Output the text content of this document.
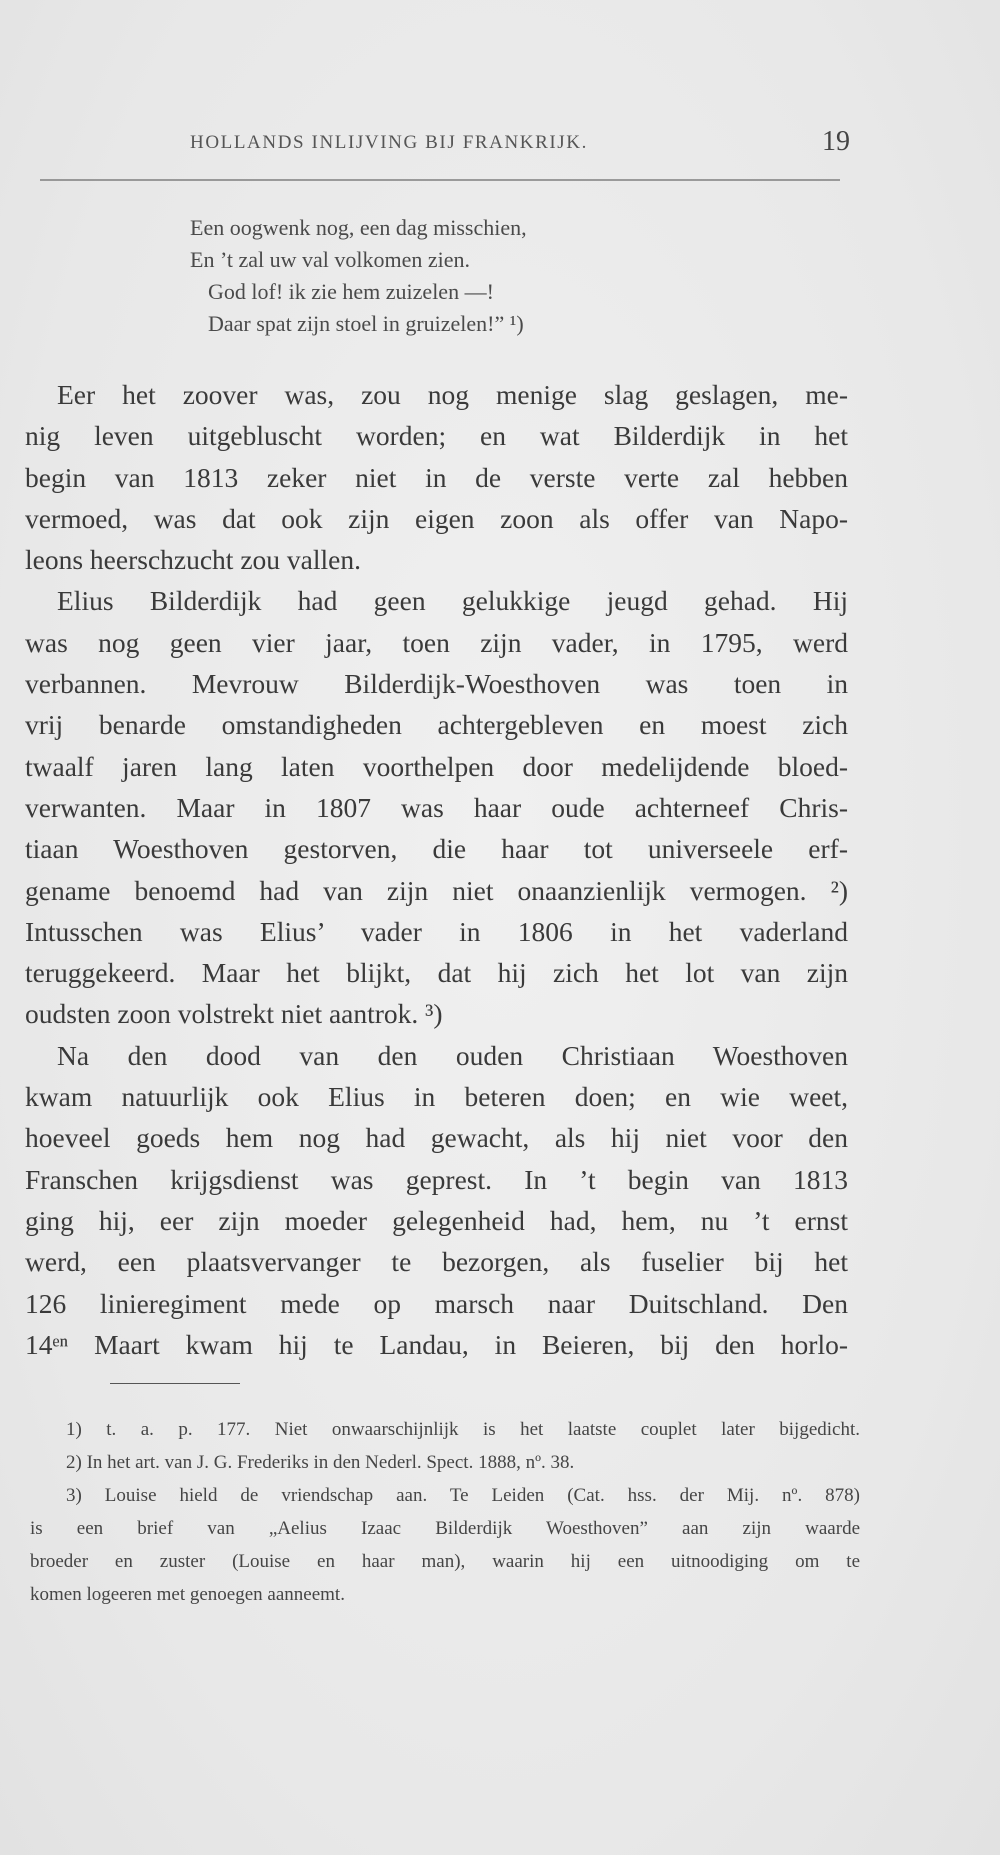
HOLLANDS INLIJVING BIJ FRANKRIJK.	19
Een oogwenk nog, een dag misschien,
En ’t zal uw val volkomen zien.
God lof! ik zie hem zuizelen —!
Daar spat zijn stoel in gruizelen!” ¹)
Eer het zoover was, zou nog menige slag geslagen, me-
nig leven uitgebluscht worden; en wat Bilderdijk in het
begin van 1813 zeker niet in de verste verte zal hebben
vermoed, was dat ook zijn eigen zoon als offer van Napo-
leons heerschzucht zou vallen.
Elius Bilderdijk had geen gelukkige jeugd gehad. Hij
was nog geen vier jaar, toen zijn vader, in 1795, werd
verbannen. Mevrouw Bilderdijk-Woesthoven was toen in
vrij benarde omstandigheden achtergebleven en moest zich
twaalf jaren lang laten voorthelpen door medelijdende bloed-
verwanten. Maar in 1807 was haar oude achterneef Chris-
tiaan Woesthoven gestorven, die haar tot universeele erf-
gename benoemd had van zijn niet onaanzienlijk vermogen. ²)
Intusschen was Elius’ vader in 1806 in het vaderland
teruggekeerd. Maar het blijkt, dat hij zich het lot van zijn
oudsten zoon volstrekt niet aantrok. ³)
Na den dood van den ouden Christiaan Woesthoven
kwam natuurlijk ook Elius in beteren doen; en wie weet,
hoeveel goeds hem nog had gewacht, als hij niet voor den
Franschen krijgsdienst was geprest. In ’t begin van 1813
ging hij, eer zijn moeder gelegenheid had, hem, nu ’t ernst
werd, een plaatsvervanger te bezorgen, als fuselier bij het
126 linieregiment mede op marsch naar Duitschland. Den
14ᵉⁿ Maart kwam hij te Landau, in Beieren, bij den horlo-
1) t. a. p. 177. Niet onwaarschijnlijk is het laatste couplet later bijgedicht.
2) In het art. van J. G. Frederiks in den Nederl. Spect. 1888, nº. 38.
3) Louise hield de vriendschap aan. Te Leiden (Cat. hss. der Mij. nº. 878)
is een brief van „Aelius Izaac Bilderdijk Woesthoven” aan zijn waarde
broeder en zuster (Louise en haar man), waarin hij een uitnoodiging om te
komen logeeren met genoegen aanneemt.
